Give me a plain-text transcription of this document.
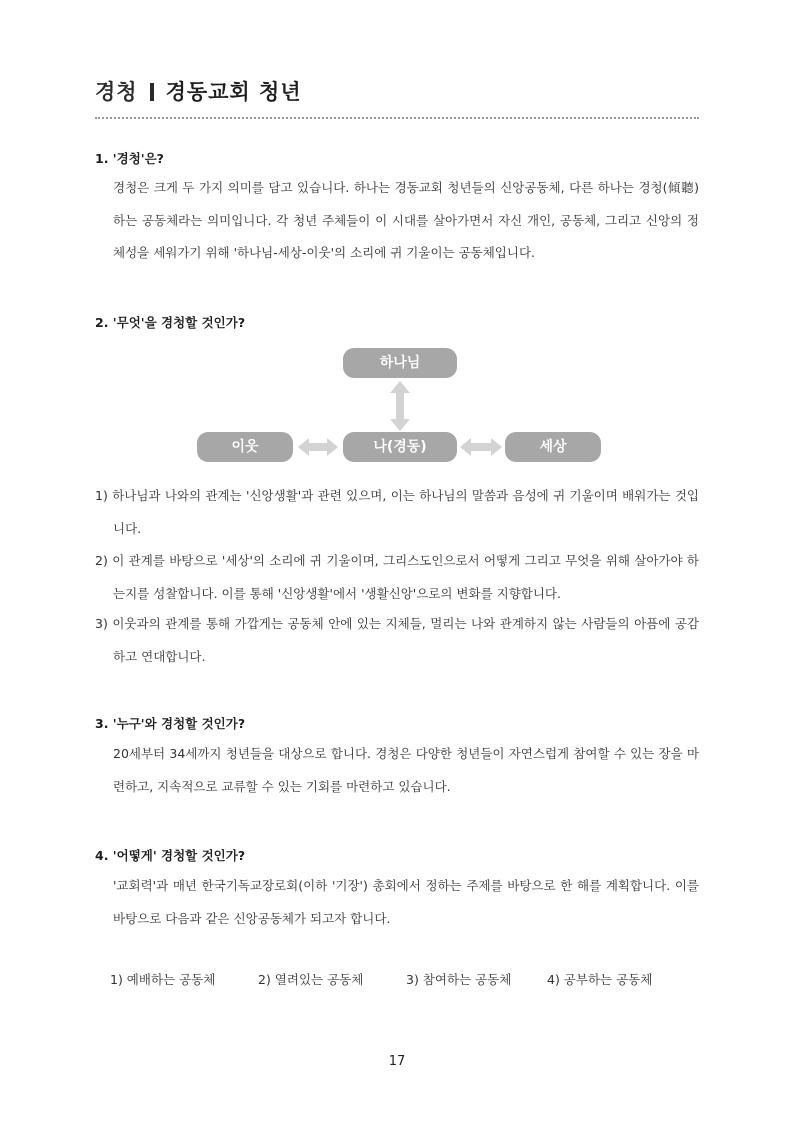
경청 경동교회 청년
1. '경청'은?

경청은 크게 두 가지 의미를 담고 있습니다. 하나는 경동교회 청년들의 신앙공동체, 다른 하나는 경청(傾聽)하는 공동체라는 의미입니다. 각 청년 주체들이 이 시대를 살아가면서 자신 개인, 공동체, 그리고 신앙의 정체성을 세워가기 위해 '하나님-세상-이웃'의 소리에 귀 기울이는 공동체입니다.

2. '무엇'을 경청할 것인가?
하나님
이웃	나(경동)	세상

1) 하나님과 나와의 관계는 '신앙생활'과 관련 있으며, 이는 하나님의 말씀과 음성에 귀 기울이며 배워가는 것입니다.

2) 이 관계를 바탕으로 '세상'의 소리에 귀 기울이며, 그리스도인으로서 어떻게 그리고 무엇을 위해 살아가야 하는지를 성찰합니다. 이를 통해 '신앙생활'에서 '생활신앙'으로의 변화를 지향합니다.

3) 이웃과의 관계를 통해 가깝게는 공동체 안에 있는 지체들, 멀리는 나와 관계하지 않는 사람들의 아픔에 공감하고 연대합니다.

3. '누구'와 경청할 것인가?

20세부터 34세까지 청년들을 대상으로 합니다. 경청은 다양한 청년들이 자연스럽게 참여할 수 있는 장을 마련하고, 지속적으로 교류할 수 있는 기회를 마련하고 있습니다.

4. '어떻게' 경청할 것인가?

'교회력'과 매년 한국기독교장로회(이하 '기장') 총회에서 정하는 주제를 바탕으로 한 해를 계획합니다. 이를 바탕으로 다음과 같은 신앙공동체가 되고자 합니다.

1) 예배하는 공동체	2) 열려있는 공동체	3) 참여하는 공동체	4) 공부하는 공동체
17
